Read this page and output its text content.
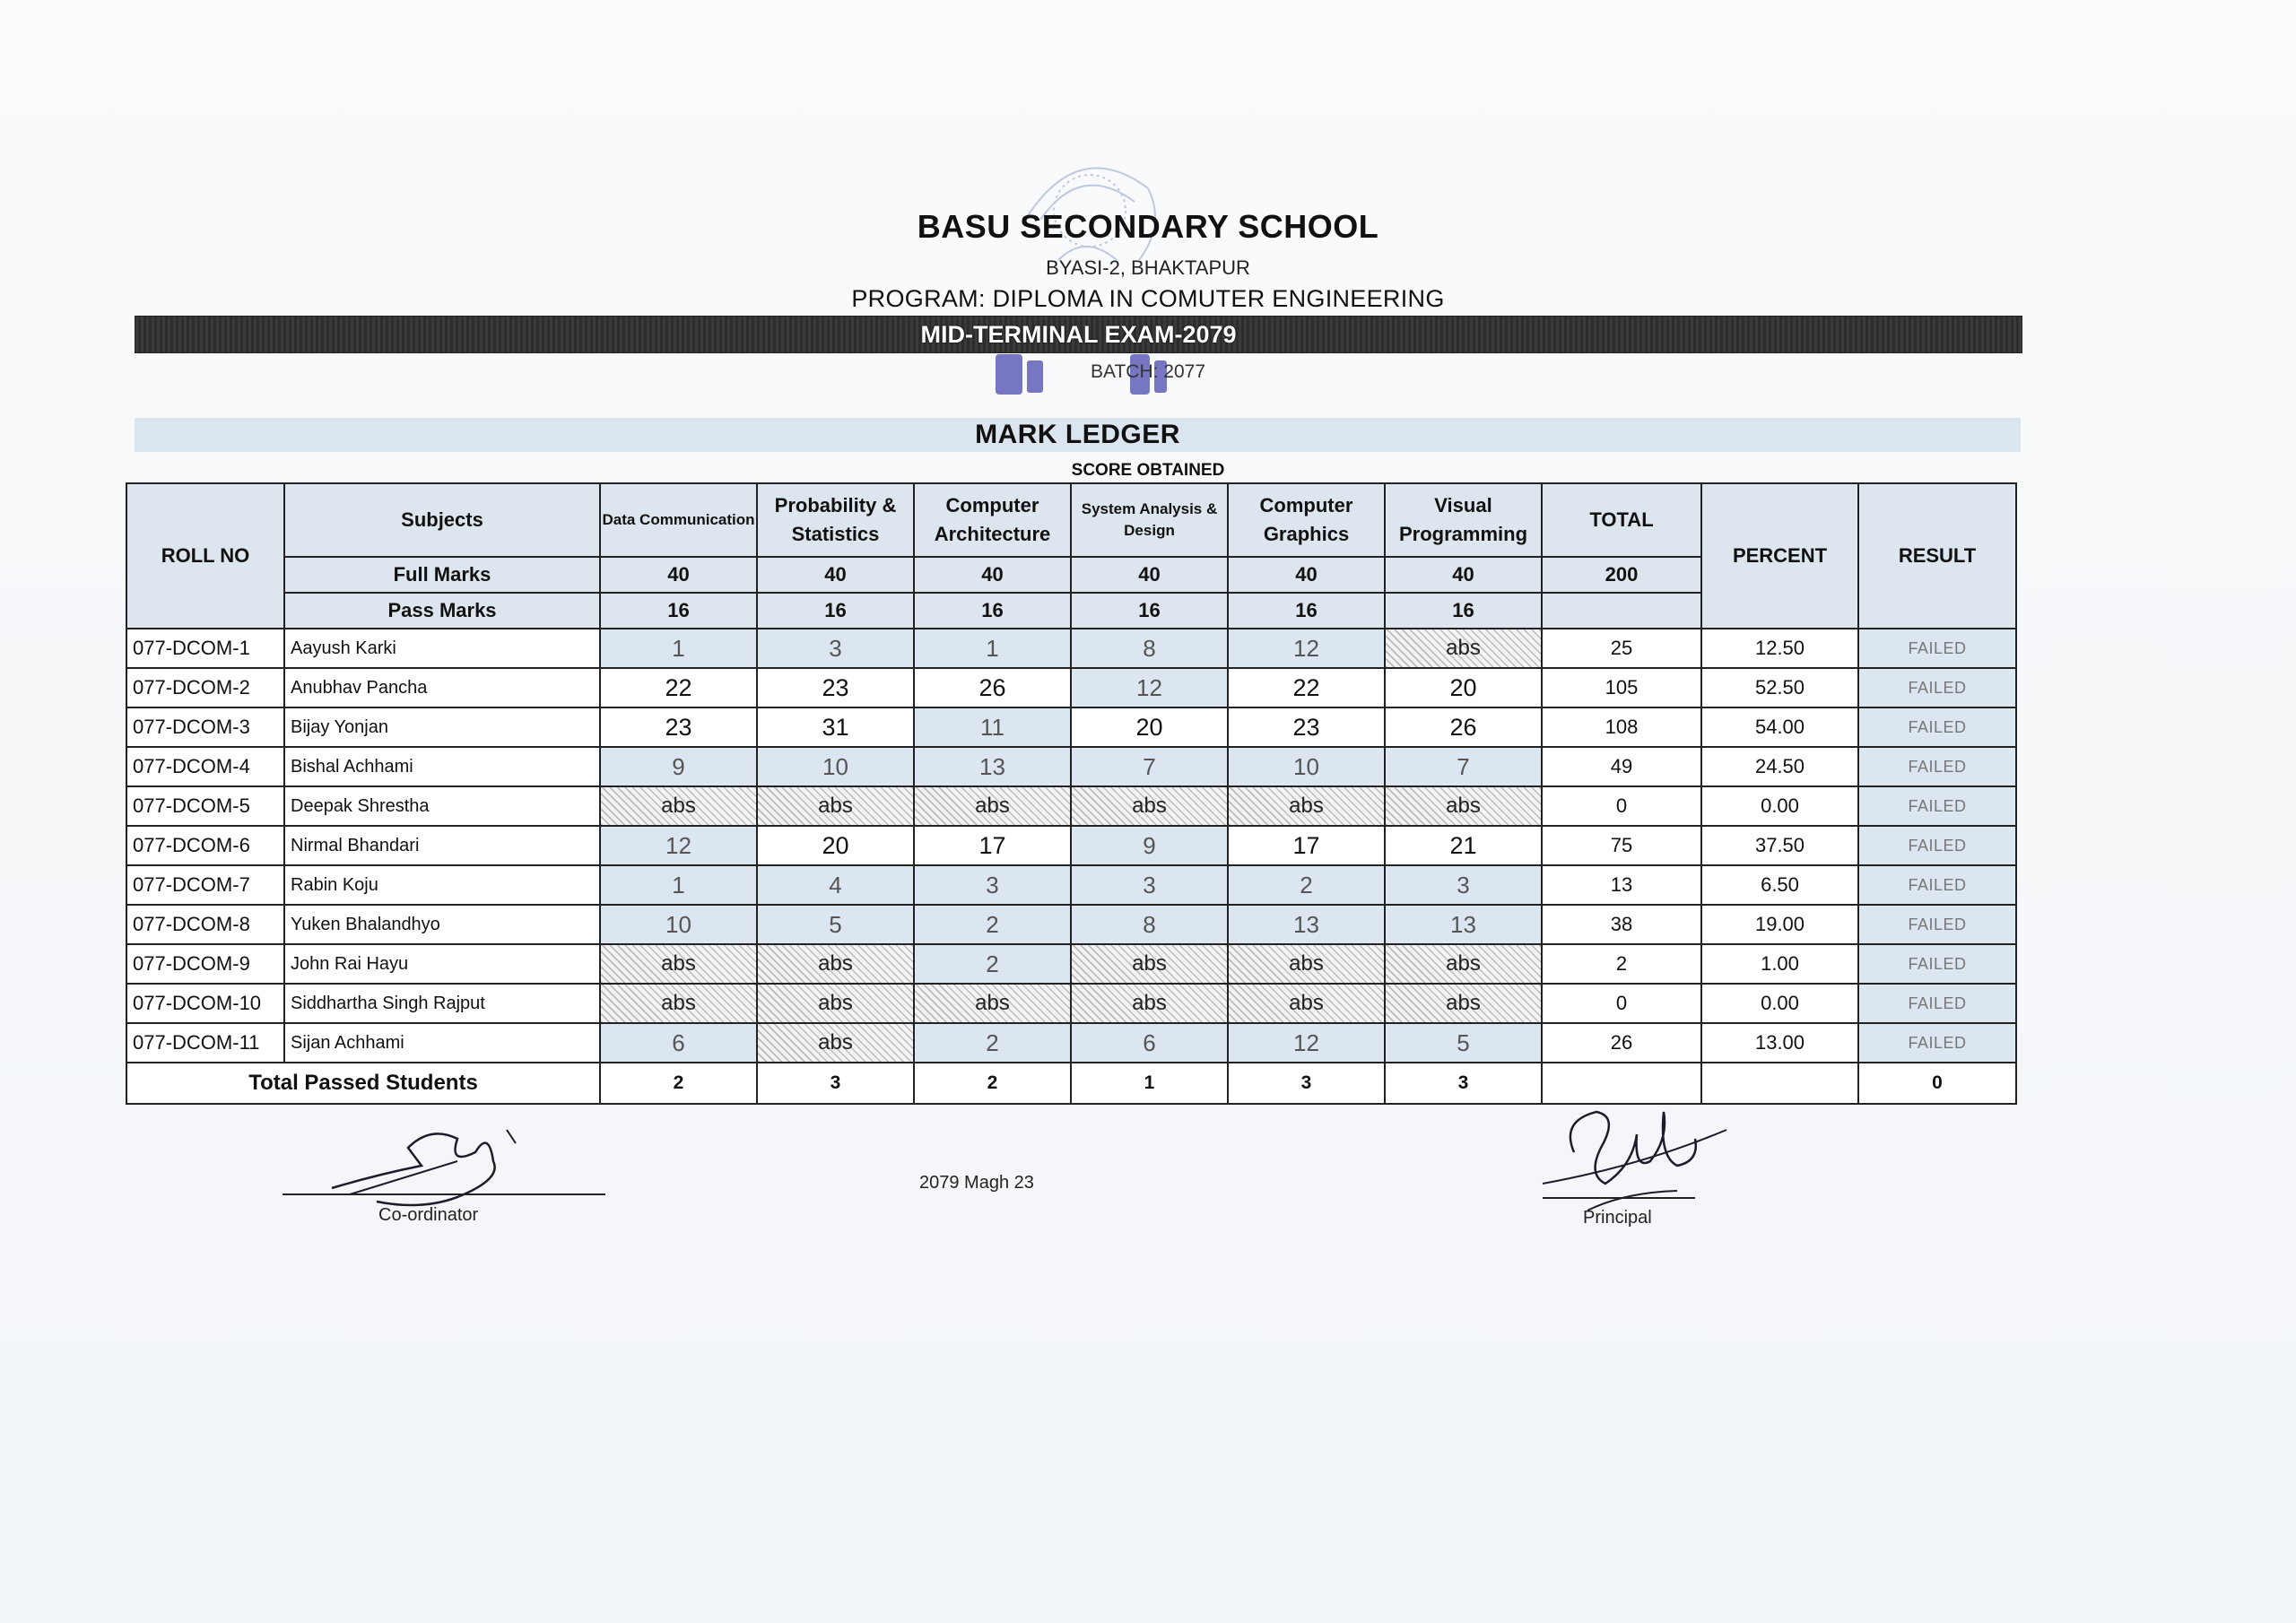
BASU SECONDARY SCHOOL
BYASI-2, BHAKTAPUR
PROGRAM: DIPLOMA IN COMUTER ENGINEERING
MID-TERMINAL EXAM-2079
BATCH: 2077
MARK LEDGER
SCORE OBTAINED
ROLL NO	Subjects	Data Communication	Probability & Statistics	Computer Architecture	System Analysis & Design	Computer Graphics	Visual Programming	TOTAL	PERCENT	RESULT
	Full Marks	40	40	40	40	40	40	200		
	Pass Marks	16	16	16	16	16	16			
077-DCOM-1	Aayush Karki	1	3	1	8	12	abs	25	12.50	FAILED
077-DCOM-2	Anubhav Pancha	22	23	26	12	22	20	105	52.50	FAILED
077-DCOM-3	Bijay Yonjan	23	31	11	20	23	26	108	54.00	FAILED
077-DCOM-4	Bishal Achhami	9	10	13	7	10	7	49	24.50	FAILED
077-DCOM-5	Deepak Shrestha	abs	abs	abs	abs	abs	abs	0	0.00	FAILED
077-DCOM-6	Nirmal Bhandari	12	20	17	9	17	21	75	37.50	FAILED
077-DCOM-7	Rabin Koju	1	4	3	3	2	3	13	6.50	FAILED
077-DCOM-8	Yuken Bhalandhyo	10	5	2	8	13	13	38	19.00	FAILED
077-DCOM-9	John Rai Hayu	abs	abs	2	abs	abs	abs	2	1.00	FAILED
077-DCOM-10	Siddhartha Singh Rajput	abs	abs	abs	abs	abs	abs	0	0.00	FAILED
077-DCOM-11	Sijan Achhami	6	abs	2	6	12	5	26	13.00	FAILED
Total Passed Students		2	3	2	1	3	3			0
Co-ordinator
2079 Magh 23
Principal
